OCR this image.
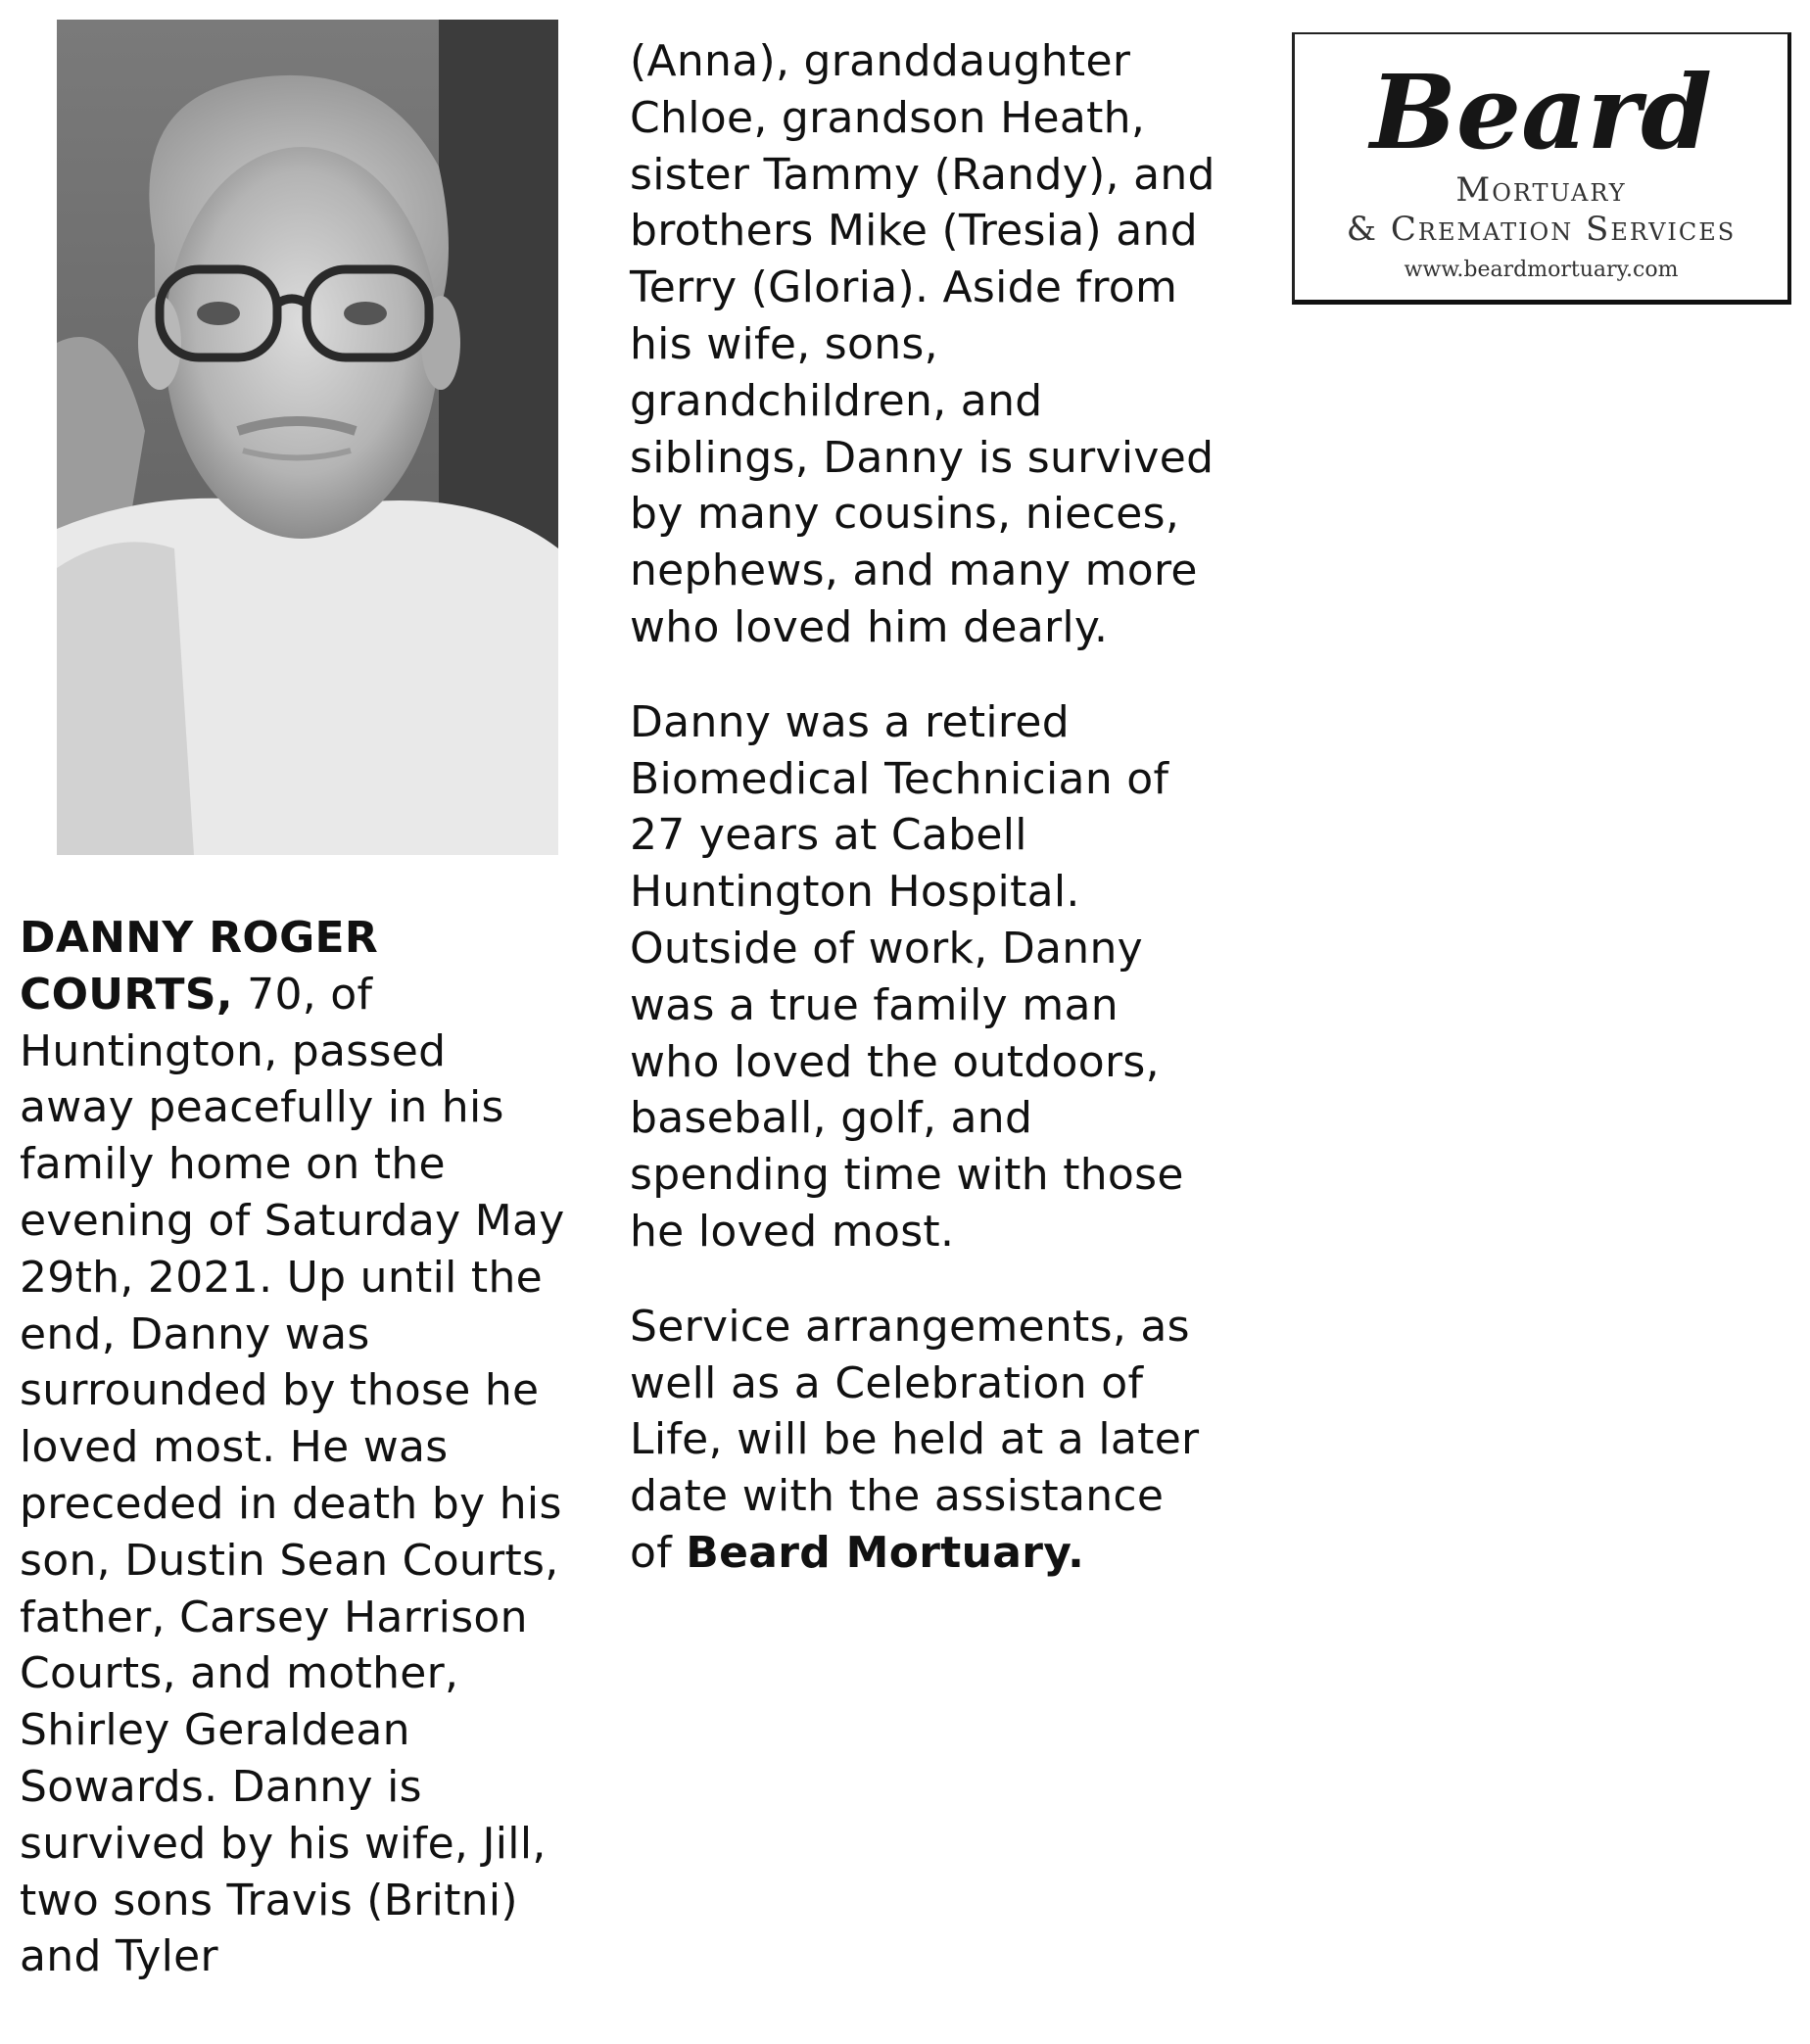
DANNY ROGER COURTS, 70, of Huntington, passed away peacefully in his family home on the evening of Saturday May 29th, 2021. Up until the end, Danny was surrounded by those he loved most. He was preceded in death by his son, Dustin Sean Courts, father, Carsey Harrison Courts, and mother, Shirley Geraldean Sowards. Danny is survived by his wife, Jill, two sons Travis (Britni) and Tyler

(Anna), granddaughter Chloe, grandson Heath, sister Tammy (Randy), and brothers Mike (Tresia) and Terry (Gloria). Aside from his wife, sons, grandchildren, and siblings, Danny is survived by many cousins, nieces, nephews, and many more who loved him dearly.

Danny was a retired Biomedical Technician of 27 years at Cabell Huntington Hospital. Outside of work, Danny was a true family man who loved the outdoors, baseball, golf, and spending time with those he loved most.

Service arrangements, as well as a Celebration of Life, will be held at a later date with the assistance of Beard Mortuary.

Beard
Mortuary
& Cremation Services
www.beardmortuary.com
